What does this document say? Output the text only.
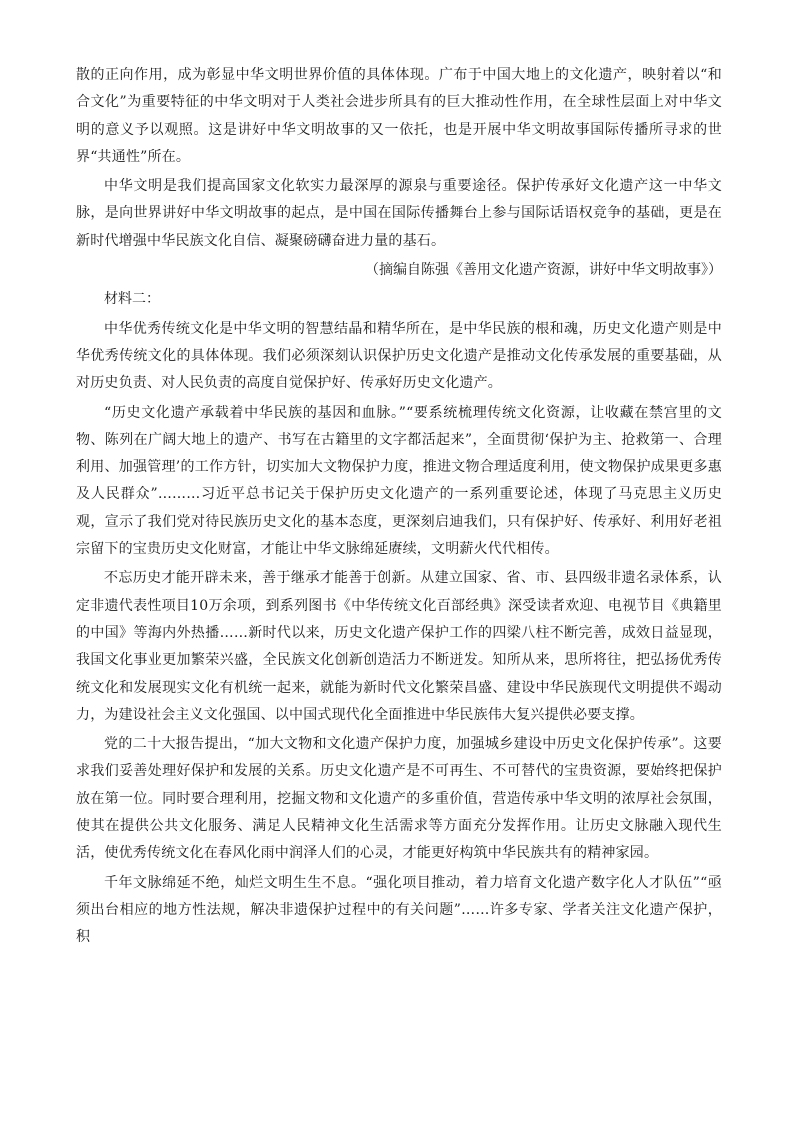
散的正向作用，成为彰显中华文明世界价值的具体体现。广布于中国大地上的文化遗产，映射着以“和合文化”为重要特征的中华文明对于人类社会进步所具有的巨大推动性作用，在全球性层面上对中华文明的意义予以观照。这是讲好中华文明故事的又一依托，也是开展中华文明故事国际传播所寻求的世界“共通性”所在。

中华文明是我们提高国家文化软实力最深厚的源泉与重要途径。保护传承好文化遗产这一中华文脉，是向世界讲好中华文明故事的起点，是中国在国际传播舞台上参与国际话语权竞争的基础，更是在新时代增强中华民族文化自信、凝聚磅礴奋进力量的基石。

（摘编自陈强《善用文化遗产资源，讲好中华文明故事》）

材料二：

中华优秀传统文化是中华文明的智慧结晶和精华所在，是中华民族的根和魂，历史文化遗产则是中华优秀传统文化的具体体现。我们必须深刻认识保护历史文化遗产是推动文化传承发展的重要基础，从对历史负责、对人民负责的高度自觉保护好、传承好历史文化遗产。

“历史文化遗产承载着中华民族的基因和血脉。”“要系统梳理传统文化资源，让收藏在禁宫里的文物、陈列在广阔大地上的遗产、书写在古籍里的文字都活起来”，全面贯彻‘保护为主、抢救第一、合理利用、加强管理’的工作方针，切实加大文物保护力度，推进文物合理适度利用，使文物保护成果更多惠及人民群众”………习近平总书记关于保护历史文化遗产的一系列重要论述，体现了马克思主义历史观，宣示了我们党对待民族历史文化的基本态度，更深刻启迪我们，只有保护好、传承好、利用好老祖宗留下的宝贵历史文化财富，才能让中华文脉绵延赓续，文明薪火代代相传。

不忘历史才能开辟未来，善于继承才能善于创新。从建立国家、省、市、县四级非遗名录体系，认定非遗代表性项目10万余项，到系列图书《中华传统文化百部经典》深受读者欢迎、电视节目《典籍里的中国》等海内外热播……新时代以来，历史文化遗产保护工作的四梁八柱不断完善，成效日益显现，我国文化事业更加繁荣兴盛，全民族文化创新创造活力不断迸发。知所从来，思所将往，把弘扬优秀传统文化和发展现实文化有机统一起来，就能为新时代文化繁荣昌盛、建设中华民族现代文明提供不竭动力，为建设社会主义文化强国、以中国式现代化全面推进中华民族伟大复兴提供必要支撑。

党的二十大报告提出，“加大文物和文化遗产保护力度，加强城乡建设中历史文化保护传承”。这要求我们妥善处理好保护和发展的关系。历史文化遗产是不可再生、不可替代的宝贵资源，要始终把保护放在第一位。同时要合理利用，挖掘文物和文化遗产的多重价值，营造传承中华文明的浓厚社会氛围，使其在提供公共文化服务、满足人民精神文化生活需求等方面充分发挥作用。让历史文脉融入现代生活，使优秀传统文化在春风化雨中润泽人们的心灵，才能更好构筑中华民族共有的精神家园。

千年文脉绵延不绝，灿烂文明生生不息。“强化项目推动，着力培育文化遗产数字化人才队伍”“亟须出台相应的地方性法规，解决非遗保护过程中的有关问题”……许多专家、学者关注文化遗产保护，积
